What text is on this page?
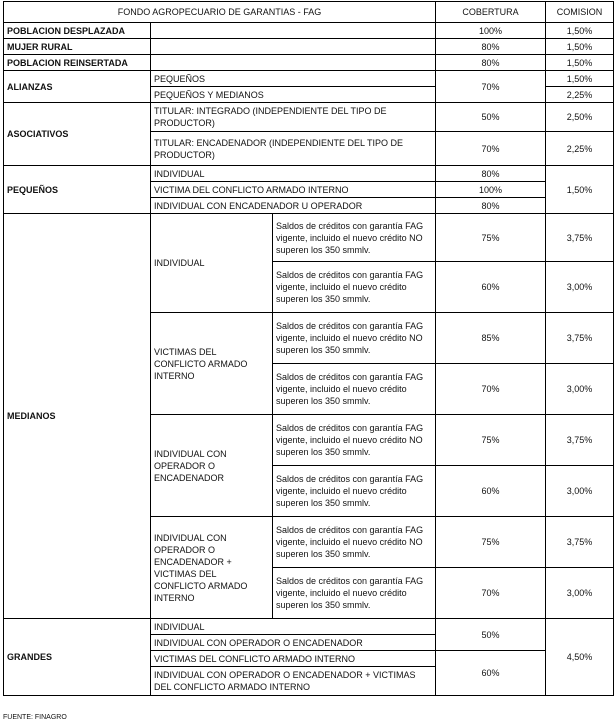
FONDO AGROPECUARIO DE GARANTIAS - FAG			COBERTURA	COMISION
POBLACION DESPLAZADA			100%	1,50%
MUJER RURAL			80%	1,50%
POBLACION REINSERTADA			80%	1,50%
ALIANZAS	PEQUEÑOS		70%	1,50%
	PEQUEÑOS Y MEDIANOS			2,25%
ASOCIATIVOS	TITULAR: INTEGRADO (INDEPENDIENTE DEL TIPO DE PRODUCTOR)		50%	2,50%
	TITULAR: ENCADENADOR (INDEPENDIENTE DEL TIPO DE PRODUCTOR)		70%	2,25%
PEQUEÑOS	INDIVIDUAL		80%	1,50%
	VICTIMA DEL CONFLICTO ARMADO INTERNO		100%	
	INDIVIDUAL CON ENCADENADOR U OPERADOR		80%	
MEDIANOS	INDIVIDUAL	Saldos de créditos con garantía FAG vigente, incluido el nuevo crédito NO superen los 350 smmlv.	75%	3,75%
		Saldos de créditos con garantía FAG vigente, incluido el nuevo crédito superen los 350 smmlv.	60%	3,00%
	VICTIMAS DEL CONFLICTO ARMADO INTERNO	Saldos de créditos con garantía FAG vigente, incluido el nuevo crédito NO superen los 350 smmlv.	85%	3,75%
		Saldos de créditos con garantía FAG vigente, incluido el nuevo crédito superen los 350 smmlv.	70%	3,00%
	INDIVIDUAL CON OPERADOR O ENCADENADOR	Saldos de créditos con garantía FAG vigente, incluido el nuevo crédito NO superen los 350 smmlv.	75%	3,75%
		Saldos de créditos con garantía FAG vigente, incluido el nuevo crédito superen los 350 smmlv.	60%	3,00%
	INDIVIDUAL CON OPERADOR O ENCADENADOR + VICTIMAS DEL CONFLICTO ARMADO INTERNO	Saldos de créditos con garantía FAG vigente, incluido el nuevo crédito NO superen los 350 smmlv.	75%	3,75%
		Saldos de créditos con garantía FAG vigente, incluido el nuevo crédito superen los 350 smmlv.	70%	3,00%
GRANDES	INDIVIDUAL		50%	4,50%
	INDIVIDUAL CON OPERADOR O ENCADENADOR			
	VICTIMAS DEL CONFLICTO ARMADO INTERNO		60%	
	INDIVIDUAL CON OPERADOR O ENCADENADOR + VICTIMAS DEL CONFLICTO ARMADO INTERNO			
FUENTE: FINAGRO
